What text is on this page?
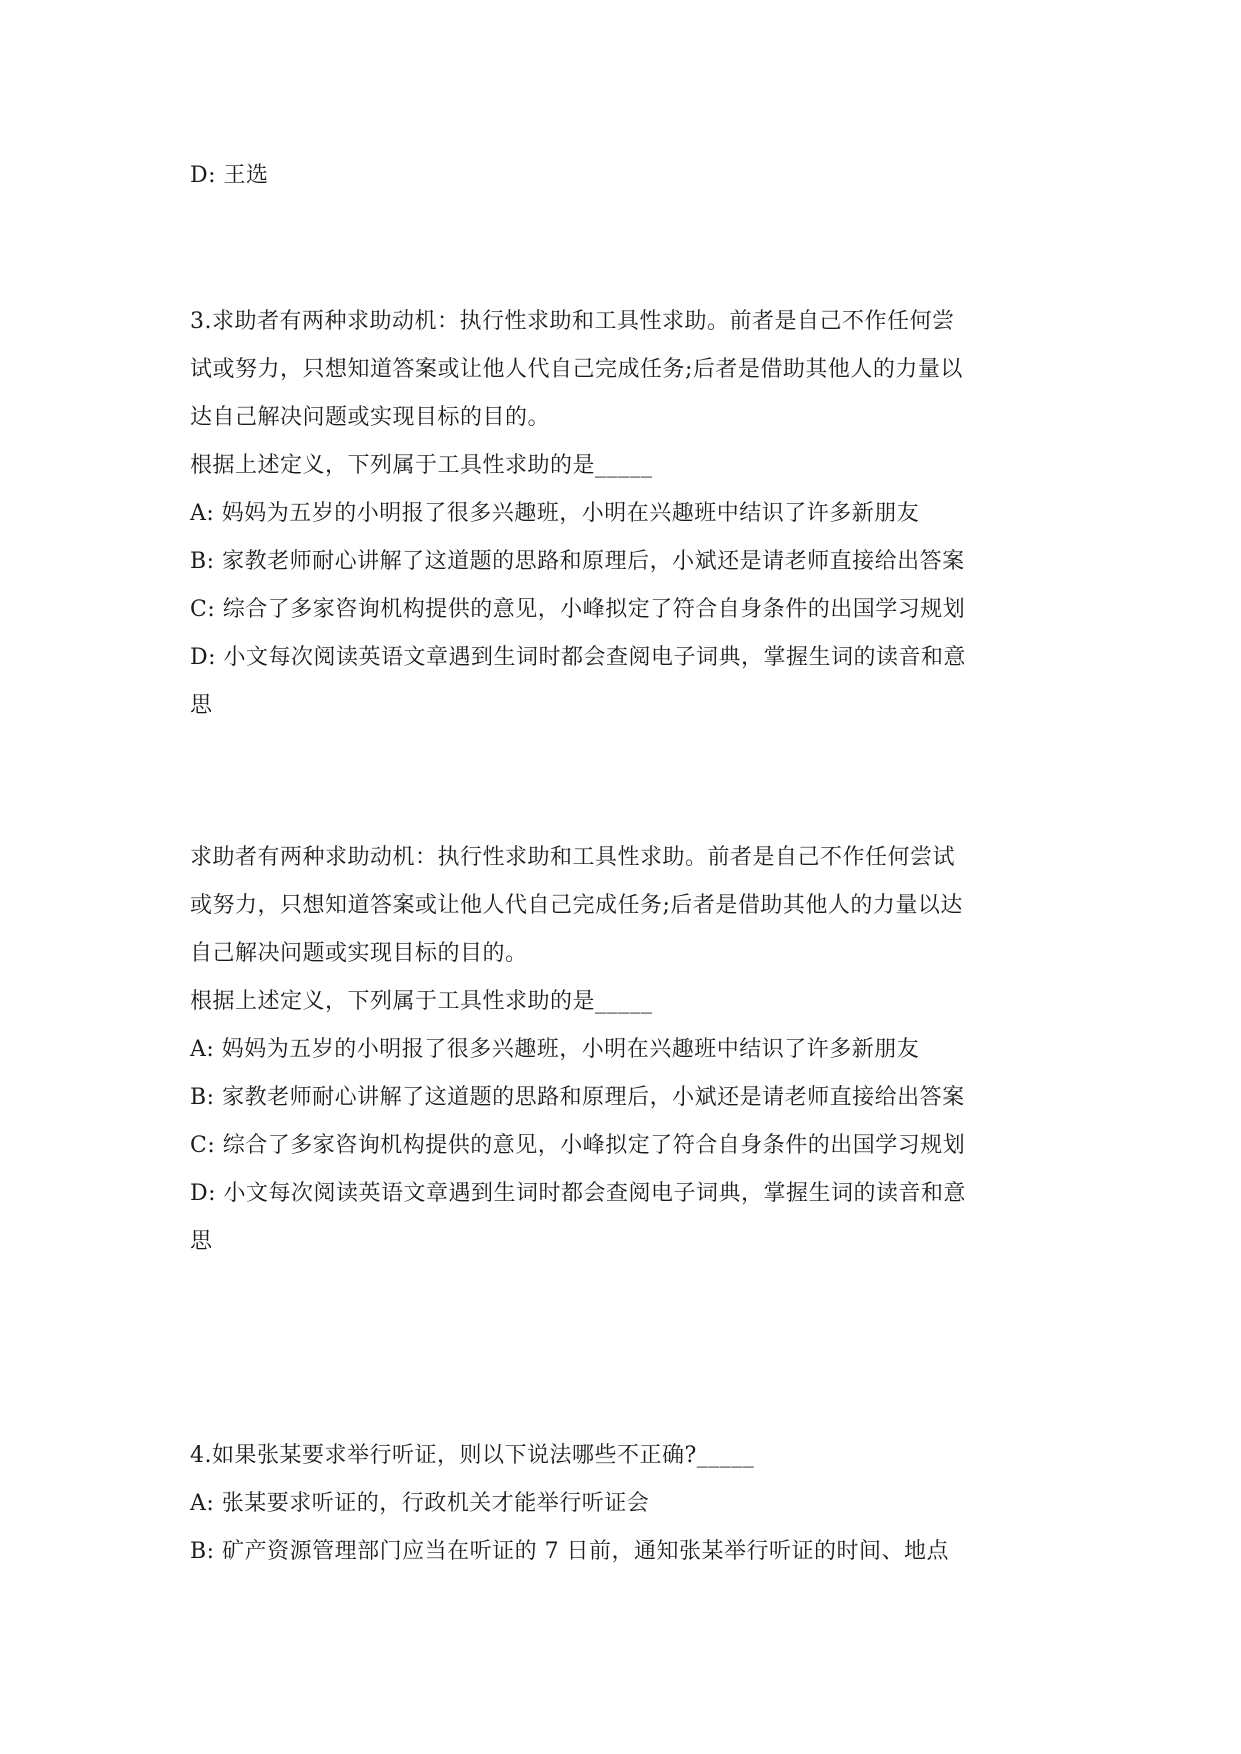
D: 王选
3.求助者有两种求助动机：执行性求助和工具性求助。前者是自己不作任何尝
试或努力，只想知道答案或让他人代自己完成任务;后者是借助其他人的力量以
达自己解决问题或实现目标的目的。
根据上述定义，下列属于工具性求助的是_____
A: 妈妈为五岁的小明报了很多兴趣班，小明在兴趣班中结识了许多新朋友
B: 家教老师耐心讲解了这道题的思路和原理后，小斌还是请老师直接给出答案
C: 综合了多家咨询机构提供的意见，小峰拟定了符合自身条件的出国学习规划
D: 小文每次阅读英语文章遇到生词时都会查阅电子词典，掌握生词的读音和意
思
求助者有两种求助动机：执行性求助和工具性求助。前者是自己不作任何尝试
或努力，只想知道答案或让他人代自己完成任务;后者是借助其他人的力量以达
自己解决问题或实现目标的目的。
根据上述定义，下列属于工具性求助的是_____
A: 妈妈为五岁的小明报了很多兴趣班，小明在兴趣班中结识了许多新朋友
B: 家教老师耐心讲解了这道题的思路和原理后，小斌还是请老师直接给出答案
C: 综合了多家咨询机构提供的意见，小峰拟定了符合自身条件的出国学习规划
D: 小文每次阅读英语文章遇到生词时都会查阅电子词典，掌握生词的读音和意
思
4.如果张某要求举行听证，则以下说法哪些不正确?_____
A: 张某要求听证的，行政机关才能举行听证会
B: 矿产资源管理部门应当在听证的 7 日前，通知张某举行听证的时间、地点
